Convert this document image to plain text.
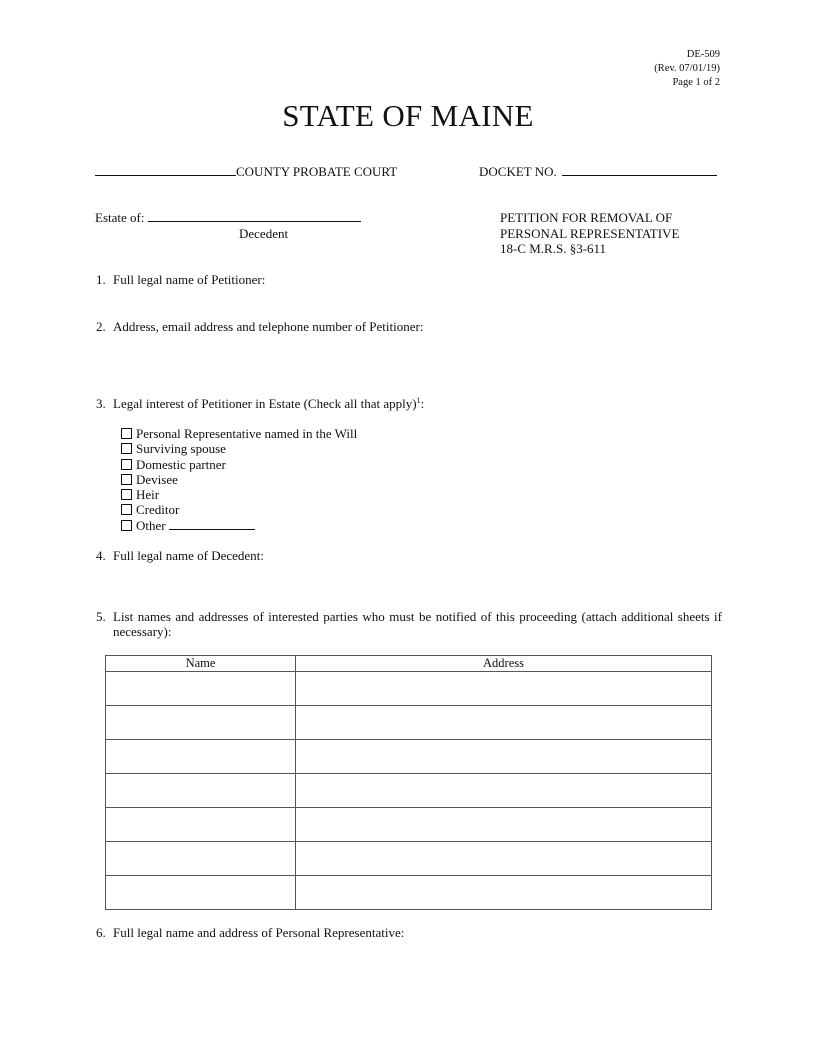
DE-509
(Rev. 07/01/19)
Page 1 of 2
STATE OF MAINE
COUNTY PROBATE COURT	DOCKET NO.
Estate of:
Decedent
PETITION FOR REMOVAL OF
PERSONAL REPRESENTATIVE
18-C M.R.S. §3-611
1. Full legal name of Petitioner:
2. Address, email address and telephone number of Petitioner:
3. Legal interest of Petitioner in Estate (Check all that apply)$^1$:
Personal Representative named in the Will
Surviving spouse
Domestic partner
Devisee
Heir
Creditor
Other
4. Full legal name of Decedent:
5. List names and addresses of interested parties who must be notified of this proceeding (attach additional sheets if necessary):
Name	Address

6. Full legal name and address of Personal Representative:
